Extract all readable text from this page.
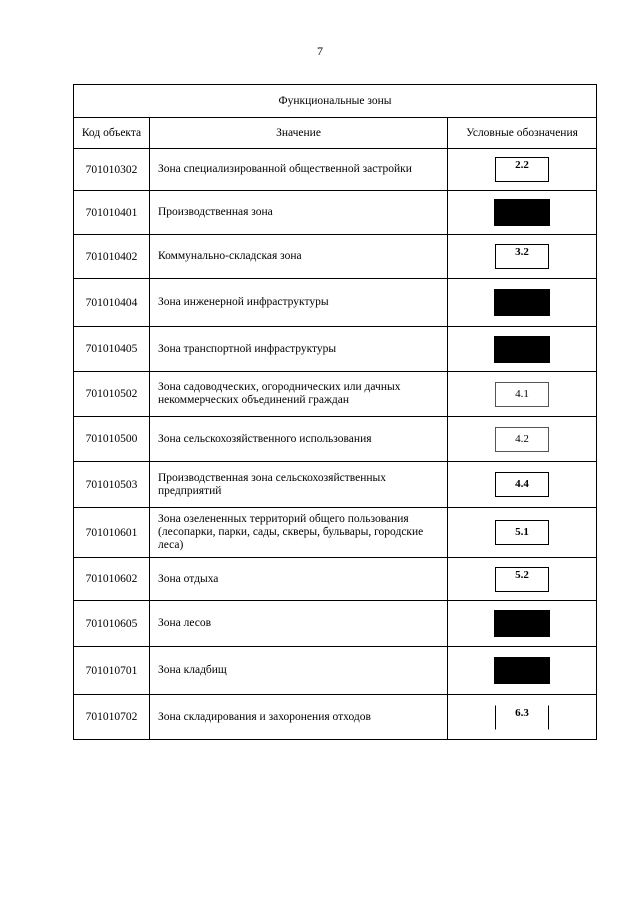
7
Функциональные зоны		
Код объекта	Значение	Условные обозначения
701010302	Зона специализированной общественной застройки	2.2
701010401	Производственная зона	
701010402	Коммунально-складская зона	3.2
701010404	Зона инженерной инфраструктуры	
701010405	Зона транспортной инфраструктуры	
701010502	Зона садоводческих, огороднических или дачных некоммерческих объединений граждан	4.1
701010500	Зона сельскохозяйственного использования	4.2
701010503	Производственная зона сельскохозяйственных предприятий	4.4
701010601	Зона озелененных территорий общего пользования (лесопарки, парки, сады, скверы, бульвары, городские леса)	5.1
701010602	Зона отдыха	5.2
701010605	Зона лесов	
701010701	Зона кладбищ	
701010702	Зона складирования и захоронения отходов	6.3
